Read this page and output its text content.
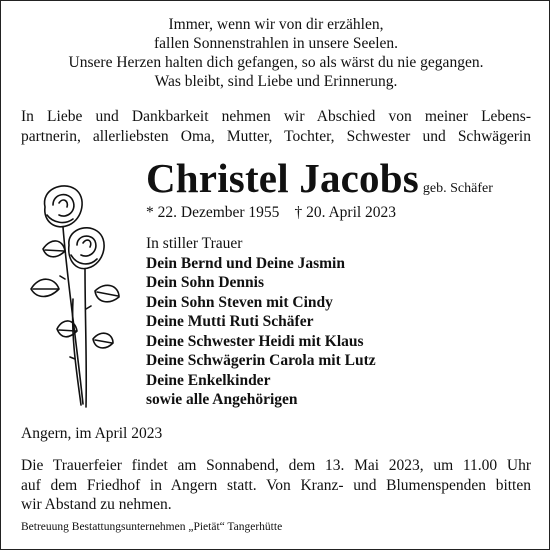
Immer, wenn wir von dir erzählen,
fallen Sonnenstrahlen in unsere Seelen.
Unsere Herzen halten dich gefangen, so als wärst du nie gegangen.
Was bleibt, sind Liebe und Erinnerung.
In Liebe und Dankbarkeit nehmen wir Abschied von meiner Lebens-
partnerin, allerliebsten Oma, Mutter, Tochter, Schwester und Schwägerin
Christel Jacobs geb. Schäfer
* 22. Dezember 1955 † 20. April 2023
In stiller Trauer
Dein Bernd und Deine Jasmin
Dein Sohn Dennis
Dein Sohn Steven mit Cindy
Deine Mutti Ruti Schäfer
Deine Schwester Heidi mit Klaus
Deine Schwägerin Carola mit Lutz
Deine Enkelkinder
sowie alle Angehörigen
Angern, im April 2023
Die Trauerfeier findet am Sonnabend, dem 13. Mai 2023, um 11.00 Uhr
auf dem Friedhof in Angern statt. Von Kranz- und Blumenspenden bitten
wir Abstand zu nehmen.
Betreuung Bestattungsunternehmen „Pietät“ Tangerhütte
